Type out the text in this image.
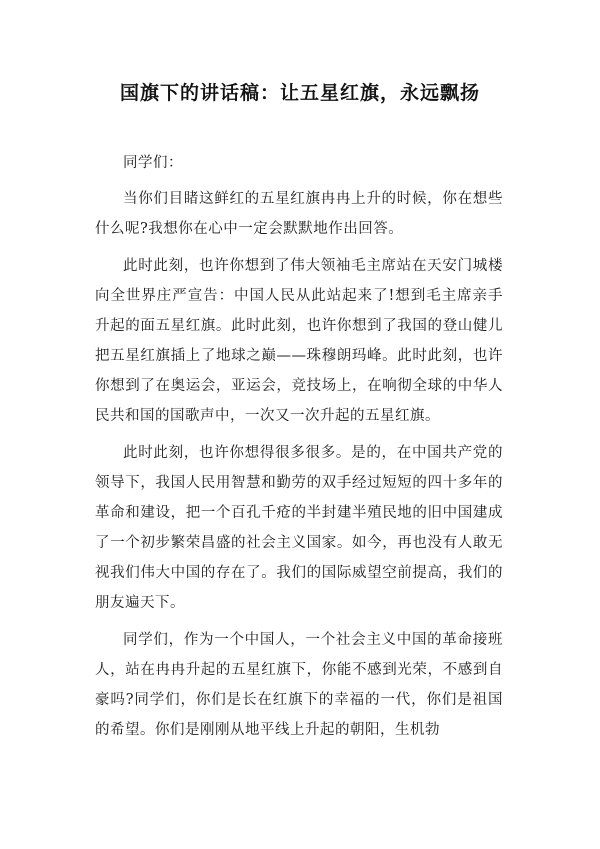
国旗下的讲话稿：让五星红旗，永远飘扬

同学们：

当你们目睹这鲜红的五星红旗冉冉上升的时候，你在想些什么呢?我想你在心中一定会默默地作出回答。

此时此刻，也许你想到了伟大领袖毛主席站在天安门城楼向全世界庄严宣告：中国人民从此站起来了!想到毛主席亲手升起的面五星红旗。此时此刻，也许你想到了我国的登山健儿把五星红旗插上了地球之巅——珠穆朗玛峰。此时此刻，也许你想到了在奥运会，亚运会，竞技场上，在响彻全球的中华人民共和国的国歌声中，一次又一次升起的五星红旗。

此时此刻，也许你想得很多很多。是的，在中国共产党的领导下，我国人民用智慧和勤劳的双手经过短短的四十多年的革命和建设，把一个百孔千疮的半封建半殖民地的旧中国建成了一个初步繁荣昌盛的社会主义国家。如今，再也没有人敢无视我们伟大中国的存在了。我们的国际威望空前提高，我们的朋友遍天下。

同学们，作为一个中国人，一个社会主义中国的革命接班人，站在冉冉升起的五星红旗下，你能不感到光荣，不感到自豪吗?同学们，你们是长在红旗下的幸福的一代，你们是祖国的希望。你们是刚刚从地平线上升起的朝阳，生机勃
